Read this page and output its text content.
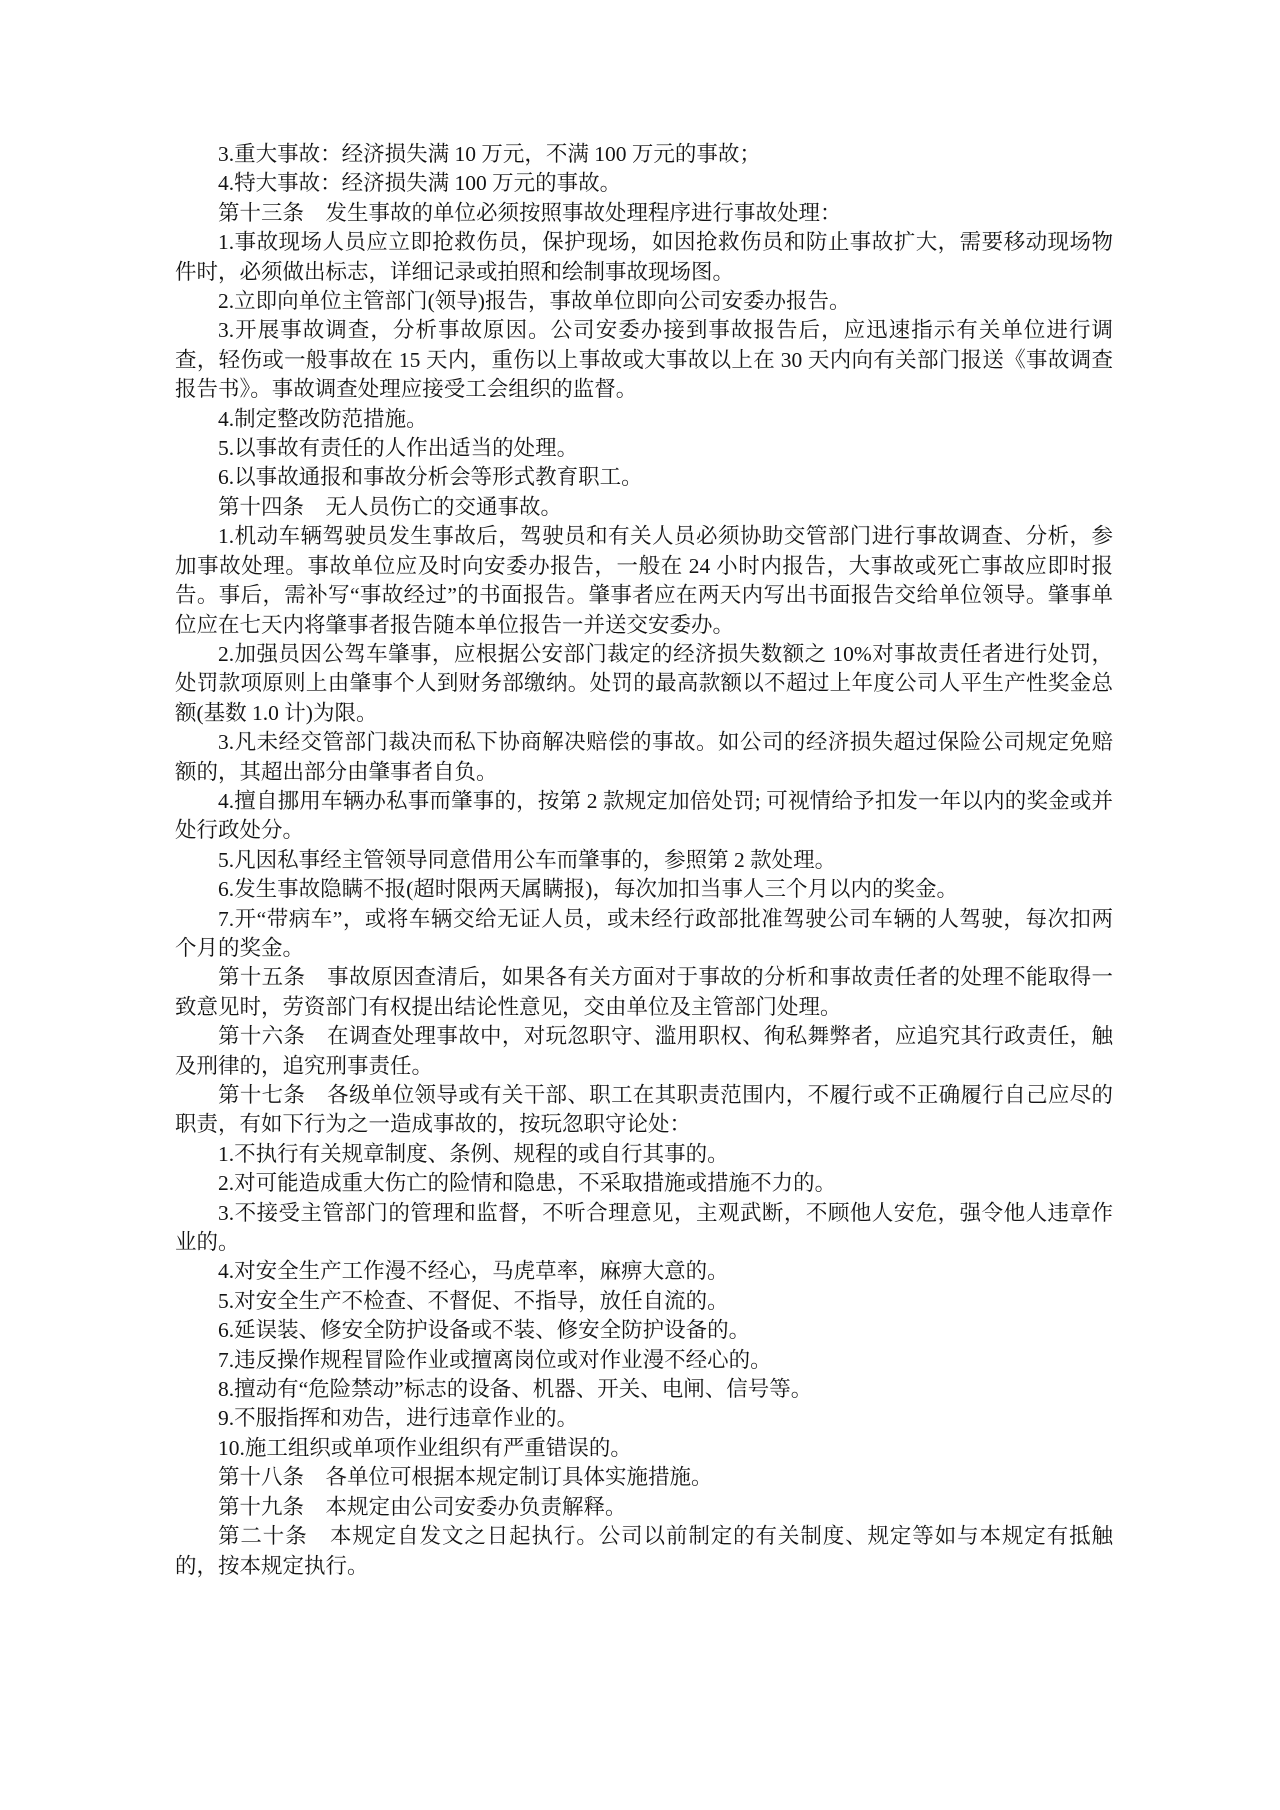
3.重大事故：经济损失满 10 万元，不满 100 万元的事故；

4.特大事故：经济损失满 100 万元的事故。

第十三条　发生事故的单位必须按照事故处理程序进行事故处理：

1.事故现场人员应立即抢救伤员，保护现场，如因抢救伤员和防止事故扩大，需要移动现场物件时，必须做出标志，详细记录或拍照和绘制事故现场图。

2.立即向单位主管部门(领导)报告，事故单位即向公司安委办报告。

3.开展事故调查，分析事故原因。公司安委办接到事故报告后，应迅速指示有关单位进行调查，轻伤或一般事故在 15 天内，重伤以上事故或大事故以上在 30 天内向有关部门报送《事故调查报告书》。事故调查处理应接受工会组织的监督。

4.制定整改防范措施。

5.以事故有责任的人作出适当的处理。

6.以事故通报和事故分析会等形式教育职工。

第十四条　无人员伤亡的交通事故。

1.机动车辆驾驶员发生事故后，驾驶员和有关人员必须协助交管部门进行事故调查、分析，参加事故处理。事故单位应及时向安委办报告，一般在 24 小时内报告，大事故或死亡事故应即时报告。事后，需补写“事故经过”的书面报告。肇事者应在两天内写出书面报告交给单位领导。肇事单位应在七天内将肇事者报告随本单位报告一并送交安委办。

2.加强员因公驾车肇事，应根据公安部门裁定的经济损失数额之 10%对事故责任者进行处罚，处罚款项原则上由肇事个人到财务部缴纳。处罚的最高款额以不超过上年度公司人平生产性奖金总额(基数 1.0 计)为限。

3.凡未经交管部门裁决而私下协商解决赔偿的事故。如公司的经济损失超过保险公司规定免赔额的，其超出部分由肇事者自负。

4.擅自挪用车辆办私事而肇事的，按第 2 款规定加倍处罚; 可视情给予扣发一年以内的奖金或并处行政处分。

5.凡因私事经主管领导同意借用公车而肇事的，参照第 2 款处理。

6.发生事故隐瞒不报(超时限两天属瞒报)，每次加扣当事人三个月以内的奖金。

7.开“带病车”，或将车辆交给无证人员，或未经行政部批准驾驶公司车辆的人驾驶，每次扣两个月的奖金。

第十五条　事故原因查清后，如果各有关方面对于事故的分析和事故责任者的处理不能取得一致意见时，劳资部门有权提出结论性意见，交由单位及主管部门处理。

第十六条　在调查处理事故中，对玩忽职守、滥用职权、徇私舞弊者，应追究其行政责任，触及刑律的，追究刑事责任。

第十七条　各级单位领导或有关干部、职工在其职责范围内，不履行或不正确履行自己应尽的职责，有如下行为之一造成事故的，按玩忽职守论处：

1.不执行有关规章制度、条例、规程的或自行其事的。

2.对可能造成重大伤亡的险情和隐患，不采取措施或措施不力的。

3.不接受主管部门的管理和监督，不听合理意见，主观武断，不顾他人安危，强令他人违章作业的。

4.对安全生产工作漫不经心，马虎草率，麻痹大意的。

5.对安全生产不检查、不督促、不指导，放任自流的。

6.延误装、修安全防护设备或不装、修安全防护设备的。

7.违反操作规程冒险作业或擅离岗位或对作业漫不经心的。

8.擅动有“危险禁动”标志的设备、机器、开关、电闸、信号等。

9.不服指挥和劝告，进行违章作业的。

10.施工组织或单项作业组织有严重错误的。

第十八条　各单位可根据本规定制订具体实施措施。

第十九条　本规定由公司安委办负责解释。

第二十条　本规定自发文之日起执行。公司以前制定的有关制度、规定等如与本规定有抵触的，按本规定执行。
